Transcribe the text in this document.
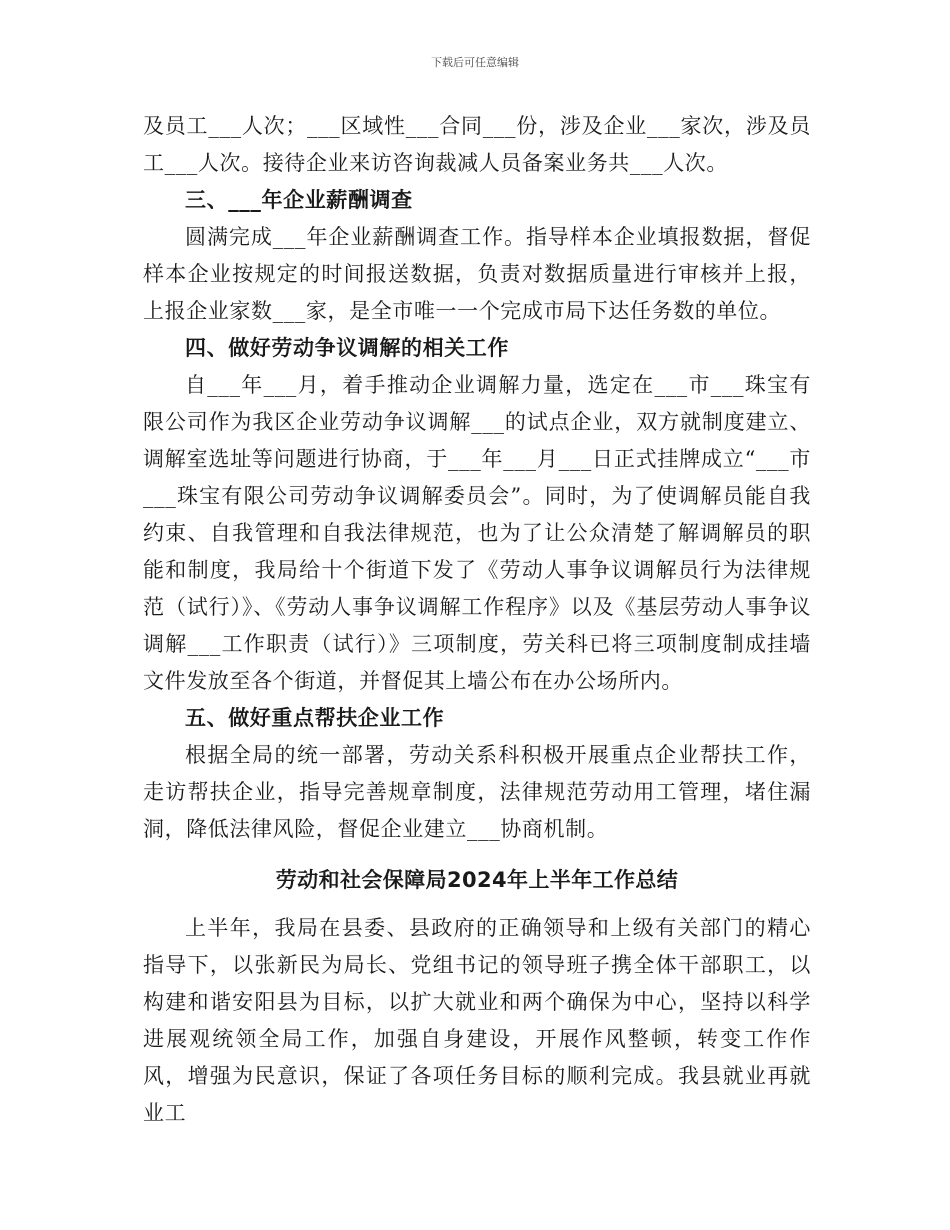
下载后可任意编辑

及员工___人次；___区域性___合同___份，涉及企业___家次，涉及员工___人次。接待企业来访咨询裁减人员备案业务共___人次。

三、___年企业薪酬调查

圆满完成___年企业薪酬调查工作。指导样本企业填报数据，督促样本企业按规定的时间报送数据，负责对数据质量进行审核并上报，上报企业家数___家，是全市唯一一个完成市局下达任务数的单位。

四、做好劳动争议调解的相关工作

自___年___月，着手推动企业调解力量，选定在___市___珠宝有限公司作为我区企业劳动争议调解___的试点企业，双方就制度建立、调解室选址等问题进行协商，于___年___月___日正式挂牌成立“___市___珠宝有限公司劳动争议调解委员会”。同时，为了使调解员能自我约束、自我管理和自我法律规范，也为了让公众清楚了解调解员的职能和制度，我局给十个街道下发了《劳动人事争议调解员行为法律规范（试行）》、《劳动人事争议调解工作程序》以及《基层劳动人事争议调解___工作职责（试行）》三项制度，劳关科已将三项制度制成挂墙文件发放至各个街道，并督促其上墙公布在办公场所内。

五、做好重点帮扶企业工作

根据全局的统一部署，劳动关系科积极开展重点企业帮扶工作，走访帮扶企业，指导完善规章制度，法律规范劳动用工管理，堵住漏洞，降低法律风险，督促企业建立___协商机制。

劳动和社会保障局2024年上半年工作总结

上半年，我局在县委、县政府的正确领导和上级有关部门的精心指导下，以张新民为局长、党组书记的领导班子携全体干部职工，以构建和谐安阳县为目标，以扩大就业和两个确保为中心，坚持以科学进展观统领全局工作，加强自身建设，开展作风整顿，转变工作作风，增强为民意识，保证了各项任务目标的顺利完成。我县就业再就业工
